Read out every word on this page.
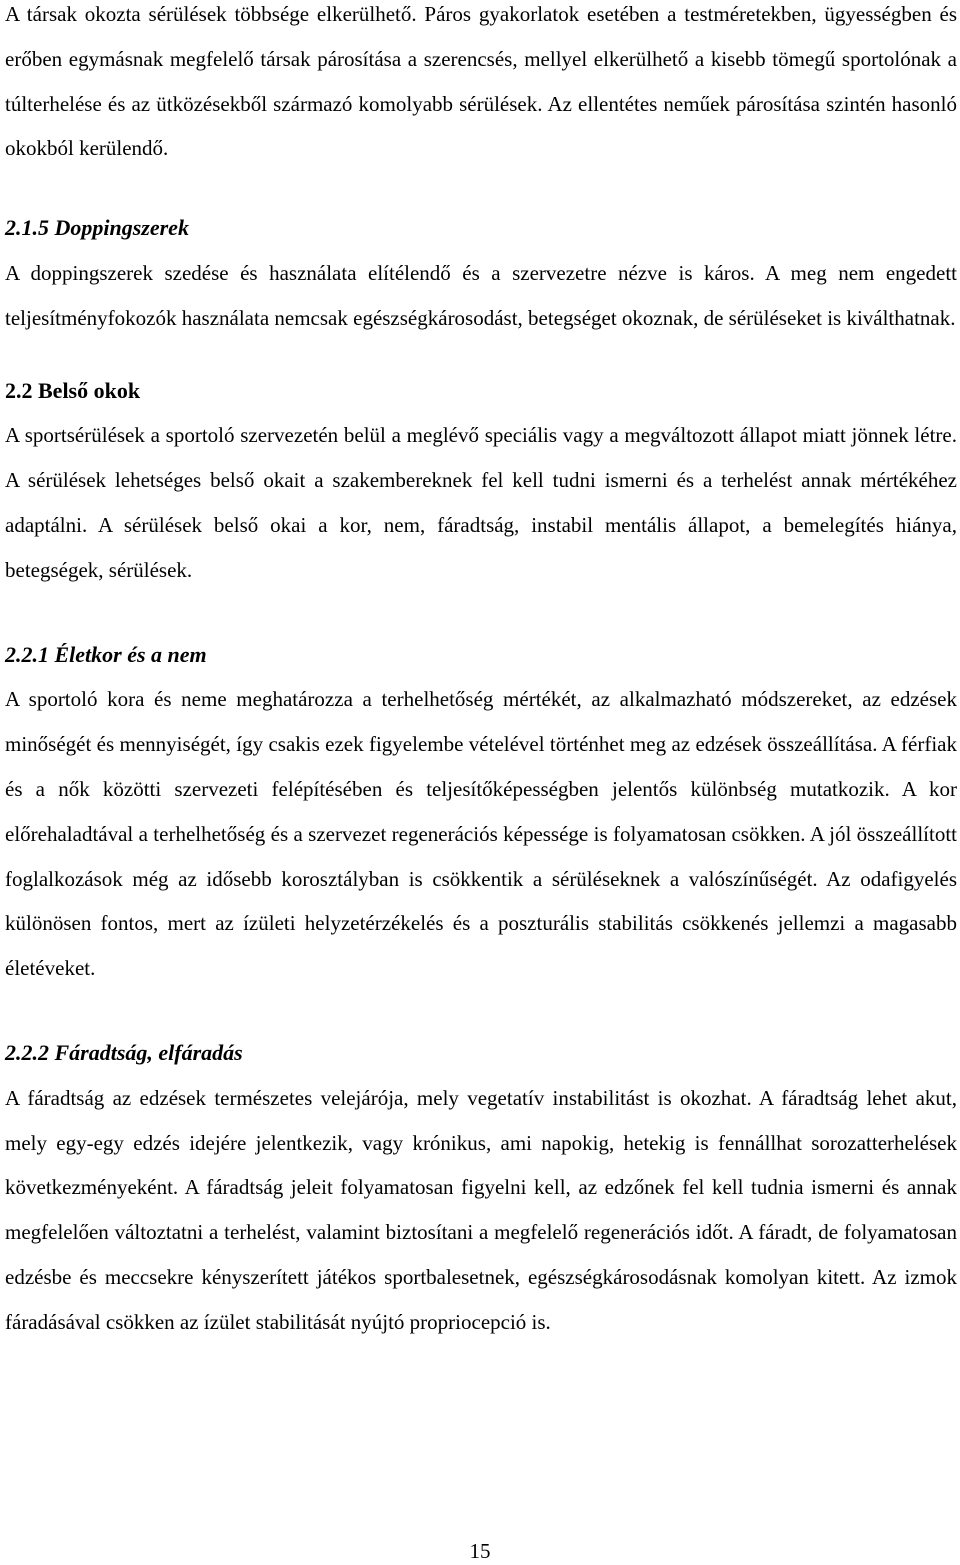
A társak okozta sérülések többsége elkerülhető. Páros gyakorlatok esetében a testméretekben, ügyességben és erőben egymásnak megfelelő társak párosítása a szerencsés, mellyel elkerülhető a kisebb tömegű sportolónak a túlterhelése és az ütközésekből származó komolyabb sérülések. Az ellentétes neműek párosítása szintén hasonló okokból kerülendő.

2.1.5 Doppingszerek

A doppingszerek szedése és használata elítélendő és a szervezetre nézve is káros. A meg nem engedett teljesítményfokozók használata nemcsak egészségkárosodást, betegséget okoznak, de sérüléseket is kiválthatnak.

2.2 Belső okok

A sportsérülések a sportoló szervezetén belül a meglévő speciális vagy a megváltozott állapot miatt jönnek létre. A sérülések lehetséges belső okait a szakembereknek fel kell tudni ismerni és a terhelést annak mértékéhez adaptálni. A sérülések belső okai a kor, nem, fáradtság, instabil mentális állapot, a bemelegítés hiánya, betegségek, sérülések.

2.2.1 Életkor és a nem

A sportoló kora és neme meghatározza a terhelhetőség mértékét, az alkalmazható módszereket, az edzések minőségét és mennyiségét, így csakis ezek figyelembe vételével történhet meg az edzések összeállítása. A férfiak és a nők közötti szervezeti felépítésében és teljesítőképességben jelentős különbség mutatkozik. A kor előrehaladtával a terhelhetőség és a szervezet regenerációs képessége is folyamatosan csökken. A jól összeállított foglalkozások még az idősebb korosztályban is csökkentik a sérüléseknek a valószínűségét. Az odafigyelés különösen fontos, mert az ízületi helyzetérzékelés és a poszturális stabilitás csökkenés jellemzi a magasabb életéveket.

2.2.2 Fáradtság, elfáradás

A fáradtság az edzések természetes velejárója, mely vegetatív instabilitást is okozhat. A fáradtság lehet akut, mely egy-egy edzés idejére jelentkezik, vagy krónikus, ami napokig, hetekig is fennállhat sorozatterhelések következményeként. A fáradtság jeleit folyamatosan figyelni kell, az edzőnek fel kell tudnia ismerni és annak megfelelően változtatni a terhelést, valamint biztosítani a megfelelő regenerációs időt. A fáradt, de folyamatosan edzésbe és meccsekre kényszerített játékos sportbalesetnek, egészségkárosodásnak komolyan kitett. Az izmok fáradásával csökken az ízület stabilitását nyújtó propriocepció is.

15
